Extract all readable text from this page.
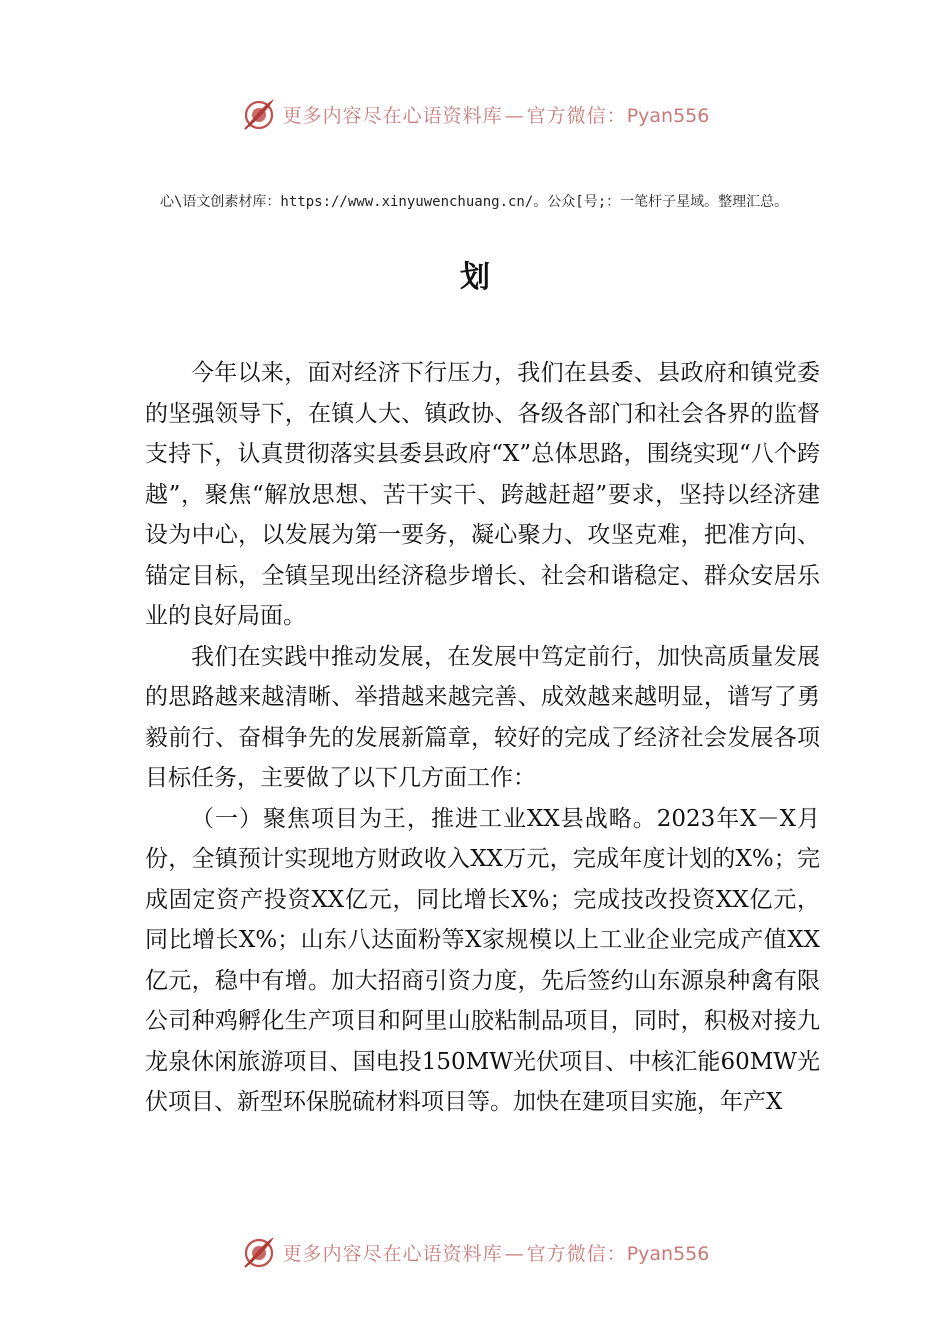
更多内容尽在心语资料库 — 官方微信：Pyan556
心\语文创素材库：https://www.xinyuwenchuang.cn/。公众[号;：一笔杆子星域。整理汇总。
划

今年以来，面对经济下行压力，我们在县委、县政府和镇党委的坚强领导下，在镇人大、镇政协、各级各部门和社会各界的监督支持下，认真贯彻落实县委县政府“X”总体思路，围绕实现“八个跨越”，聚焦“解放思想、苦干实干、跨越赶超”要求，坚持以经济建设为中心，以发展为第一要务，凝心聚力、攻坚克难，把准方向、锚定目标，全镇呈现出经济稳步增长、社会和谐稳定、群众安居乐业的良好局面。

我们在实践中推动发展，在发展中笃定前行，加快高质量发展的思路越来越清晰、举措越来越完善、成效越来越明显，谱写了勇毅前行、奋楫争先的发展新篇章，较好的完成了经济社会发展各项目标任务，主要做了以下几方面工作：

（一）聚焦项目为王，推进工业XX县战略。2023年X－X月份，全镇预计实现地方财政收入XX万元，完成年度计划的X%；完成固定资产投资XX亿元，同比增长X%；完成技改投资XX亿元，同比增长X%；山东八达面粉等X家规模以上工业企业完成产值XX亿元，稳中有增。加大招商引资力度，先后签约山东源泉种禽有限公司种鸡孵化生产项目和阿里山胶粘制品项目，同时，积极对接九龙泉休闲旅游项目、国电投150MW光伏项目、中核汇能60MW光伏项目、新型环保脱硫材料项目等。加快在建项目实施，年产X

更多内容尽在心语资料库 — 官方微信：Pyan556
